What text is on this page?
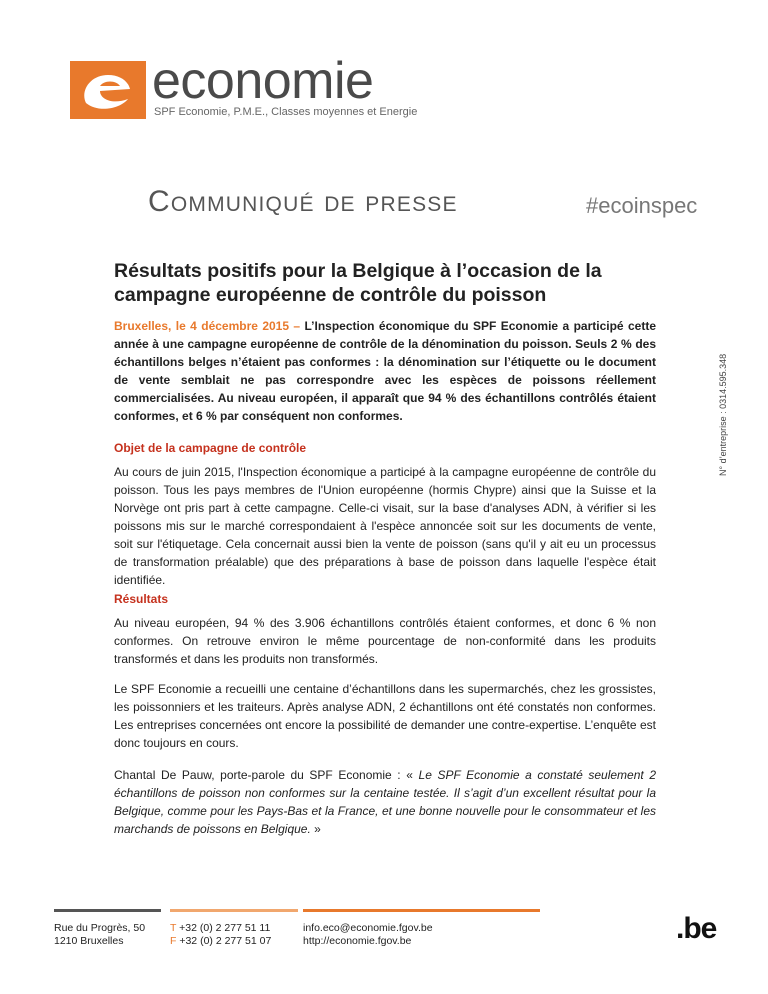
economie
SPF Economie, P.M.E., Classes moyennes et Energie
Communiqué de presse	#ecoinspec
Résultats positifs pour la Belgique à l’occasion de la campagne européenne de contrôle du poisson
Bruxelles, le 4 décembre 2015 – L’Inspection économique du SPF Economie a participé cette année à une campagne européenne de contrôle de la dénomination du poisson. Seuls 2 % des échantillons belges n’étaient pas conformes : la dénomination sur l’étiquette ou le document de vente semblait ne pas correspondre avec les espèces de poissons réellement commercialisées. Au niveau européen, il apparaît que 94 % des échantillons contrôlés étaient conformes, et 6 % par conséquent non conformes.
Objet de la campagne de contrôle
Au cours de juin 2015, l'Inspection économique a participé à la campagne européenne de contrôle du poisson. Tous les pays membres de l'Union européenne (hormis Chypre) ainsi que la Suisse et la Norvège ont pris part à cette campagne. Celle-ci visait, sur la base d'analyses ADN, à vérifier si les poissons mis sur le marché correspondaient à l'espèce annoncée soit sur les documents de vente, soit sur l'étiquetage. Cela concernait aussi bien la vente de poisson (sans qu'il y ait eu un processus de transformation préalable) que des préparations à base de poisson dans laquelle l'espèce était identifiée.
Résultats
Au niveau européen, 94 % des 3.906 échantillons contrôlés étaient conformes, et donc 6 % non conformes. On retrouve environ le même pourcentage de non-conformité dans les produits transformés et dans les produits non transformés.
Le SPF Economie a recueilli une centaine d’échantillons dans les supermarchés, chez les grossistes, les poissonniers et les traiteurs. Après analyse ADN, 2 échantillons ont été constatés non conformes. Les entreprises concernées ont encore la possibilité de demander une contre-expertise. L’enquête est donc toujours en cours.
Chantal De Pauw, porte-parole du SPF Economie : « Le SPF Economie a constaté seulement 2 échantillons de poisson non conformes sur la centaine testée. Il s’agit d’un excellent résultat pour la Belgique, comme pour les Pays-Bas et la France, et une bonne nouvelle pour le consommateur et les marchands de poissons en Belgique. »
N° d’entreprise : 0314.595.348
Rue du Progrès, 50
1210 Bruxelles
T +32 (0) 2 277 51 11
F +32 (0) 2 277 51 07
info.eco@economie.fgov.be
http://economie.fgov.be	.be
